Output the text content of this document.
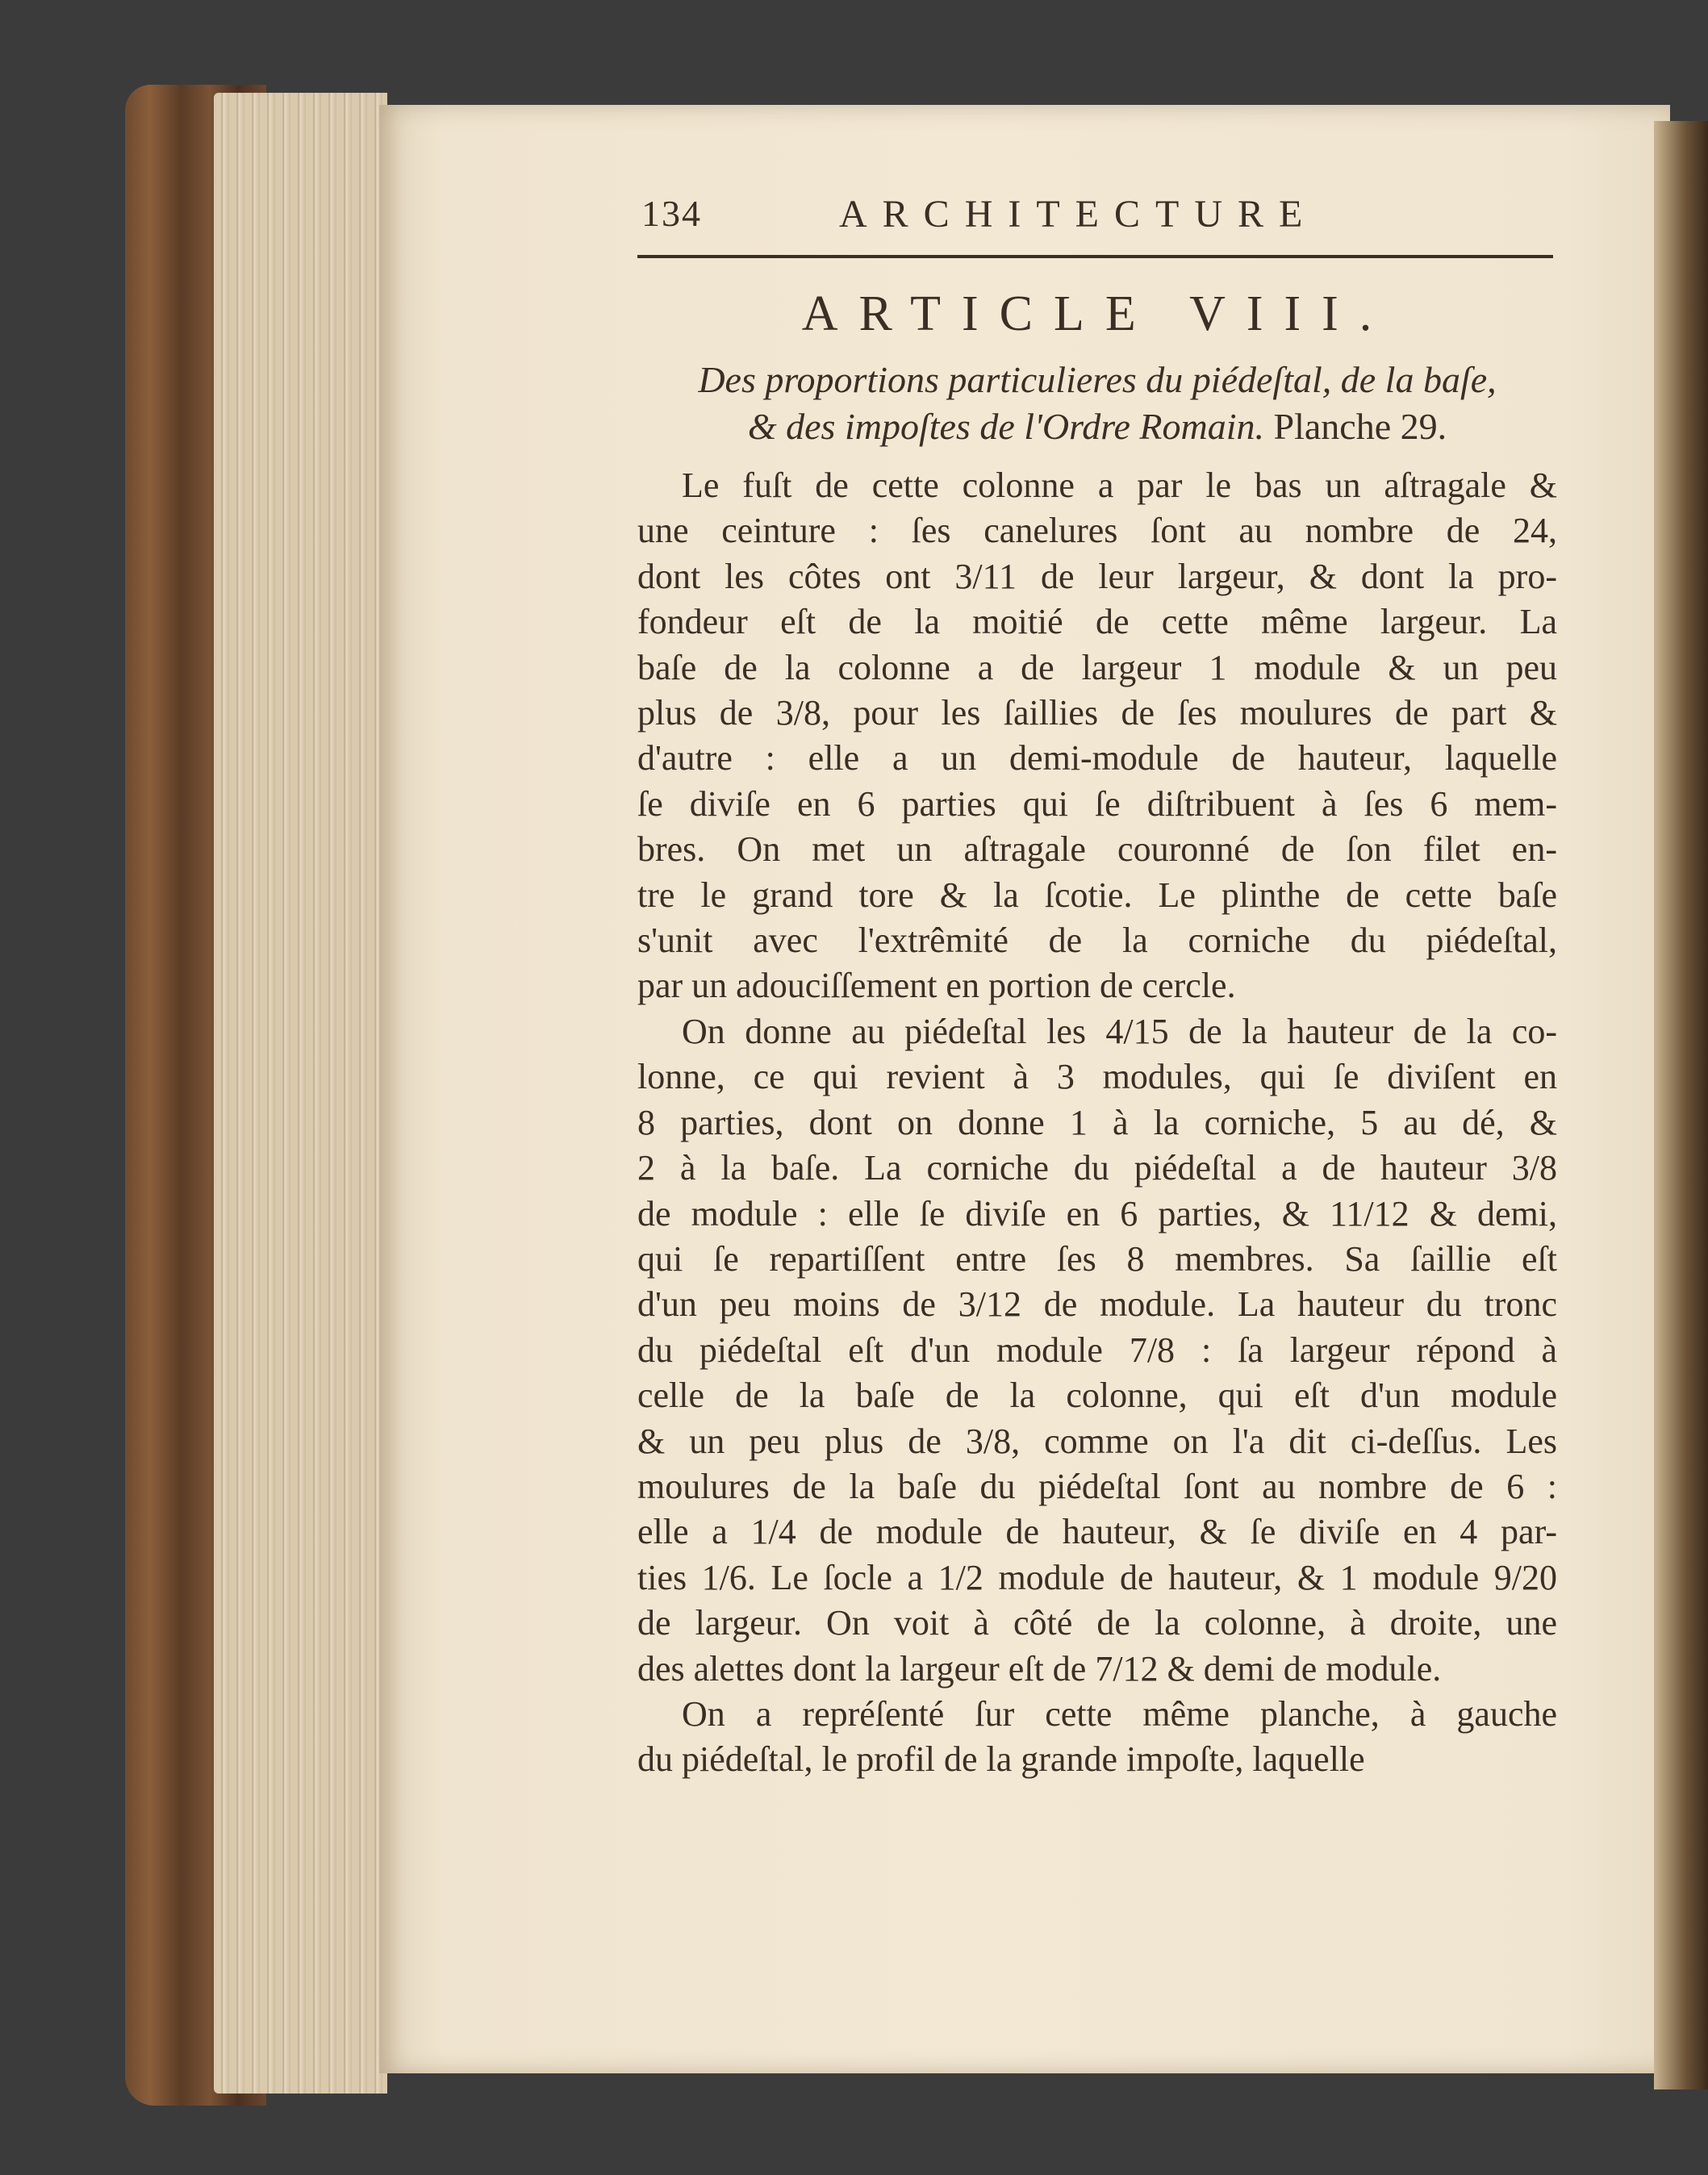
134	ARCHITECTURE
ARTICLE VIII.
Des proportions particulieres du piédeſtal, de la baſe,
& des impoſtes de l'Ordre Romain. Planche 29.
Le fuſt de cette colonne a par le bas un aſtragale &
une ceinture : ſes canelures ſont au nombre de 24,
dont les côtes ont 3/11 de leur largeur, & dont la pro-
fondeur eſt de la moitié de cette même largeur. La
baſe de la colonne a de largeur 1 module & un peu
plus de 3/8, pour les ſaillies de ſes moulures de part &
d'autre : elle a un demi-module de hauteur, laquelle
ſe diviſe en 6 parties qui ſe diſtribuent à ſes 6 mem-
bres. On met un aſtragale couronné de ſon filet en-
tre le grand tore & la ſcotie. Le plinthe de cette baſe
s'unit avec l'extrêmité de la corniche du piédeſtal,
par un adouciſſement en portion de cercle.
On donne au piédeſtal les 4/15 de la hauteur de la co-
lonne, ce qui revient à 3 modules, qui ſe diviſent en
8 parties, dont on donne 1 à la corniche, 5 au dé, &
2 à la baſe. La corniche du piédeſtal a de hauteur 3/8
de module : elle ſe diviſe en 6 parties, & 11/12 & demi,
qui ſe repartiſſent entre ſes 8 membres. Sa ſaillie eſt
d'un peu moins de 3/12 de module. La hauteur du tronc
du piédeſtal eſt d'un module 7/8 : ſa largeur répond à
celle de la baſe de la colonne, qui eſt d'un module
& un peu plus de 3/8, comme on l'a dit ci-deſſus. Les
moulures de la baſe du piédeſtal ſont au nombre de 6 :
elle a 1/4 de module de hauteur, & ſe diviſe en 4 par-
ties 1/6. Le ſocle a 1/2 module de hauteur, & 1 module 9/20
de largeur. On voit à côté de la colonne, à droite, une
des alettes dont la largeur eſt de 7/12 & demi de module.
On a repréſenté ſur cette même planche, à gauche
du piédeſtal, le profil de la grande impoſte, laquelle
